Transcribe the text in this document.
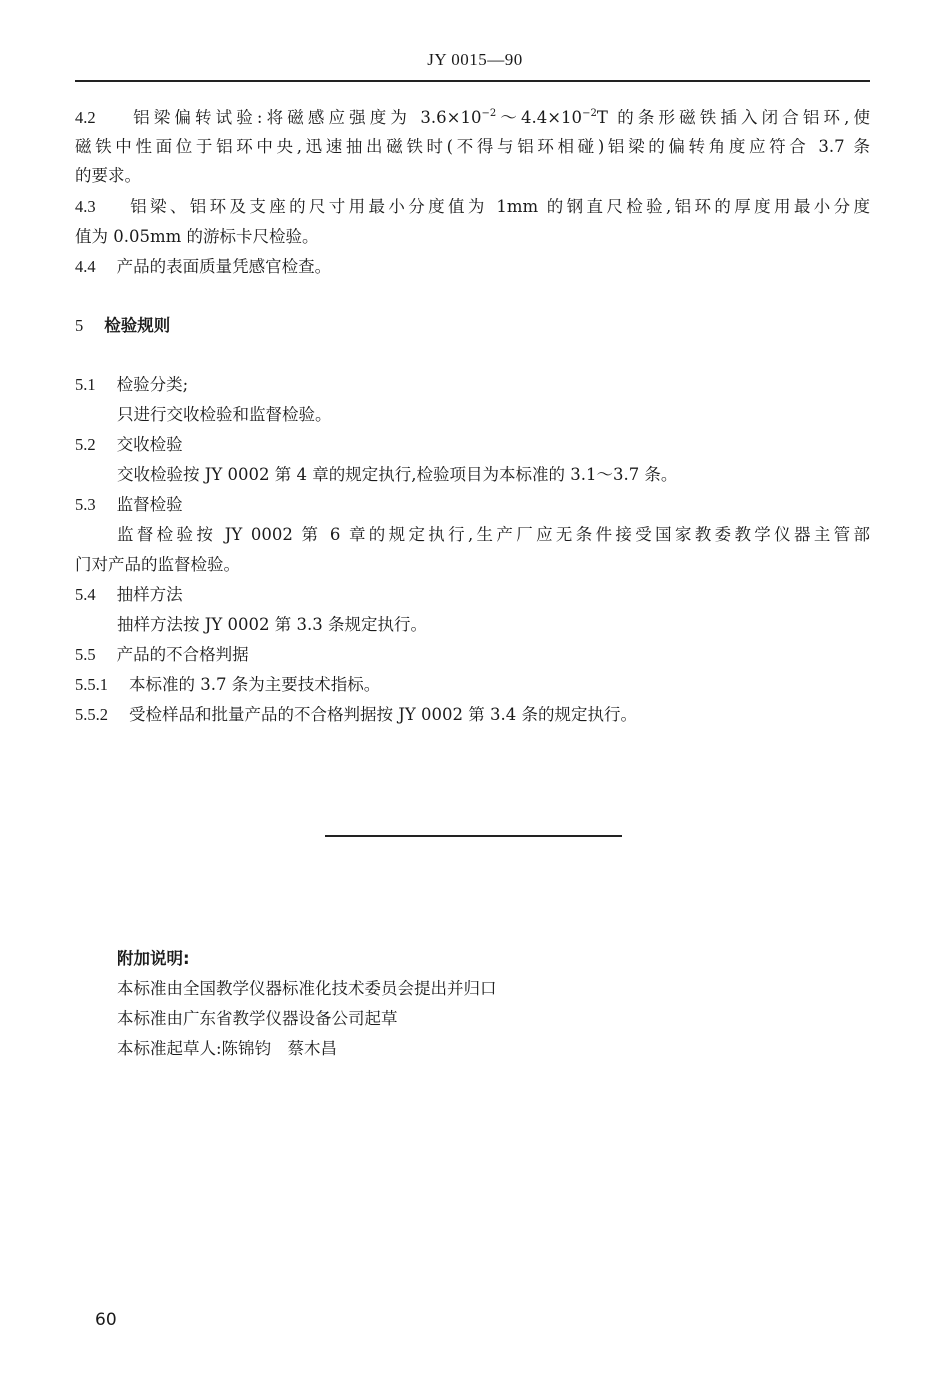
JY 0015—90
4.2 铝梁偏转试验:将磁感应强度为 $3.6\times 10^{-2}\sim 4.4\times 10^{-2}T$ 的条形磁铁插入闭合铝环,使
磁铁中性面位于铝环中央,迅速抽出磁铁时(不得与铝环相碰)铝梁的偏转角度应符合 3.7 条
的要求。
4.3 铝梁、铝环及支座的尺寸用最小分度值为 1mm 的钢直尺检验,铝环的厚度用最小分度
值为 0.05mm 的游标卡尺检验。
4.4 产品的表面质量凭感官检查。
5 检验规则
5.1 检验分类;
只进行交收检验和监督检验。
5.2 交收检验
交收检验按 JY 0002 第 4 章的规定执行,检验项目为本标准的 3.1～3.7 条。
5.3 监督检验
监督检验按 JY 0002 第 6 章的规定执行,生产厂应无条件接受国家教委教学仪器主管部
门对产品的监督检验。
5.4 抽样方法
抽样方法按 JY 0002 第 3.3 条规定执行。
5.5 产品的不合格判据
5.5.1 本标准的 3.7 条为主要技术指标。
5.5.2 受检样品和批量产品的不合格判据按 JY 0002 第 3.4 条的规定执行。
附加说明:
本标准由全国教学仪器标准化技术委员会提出并归口
本标准由广东省教学仪器设备公司起草
本标准起草人:陈锦钧　蔡木昌
60
